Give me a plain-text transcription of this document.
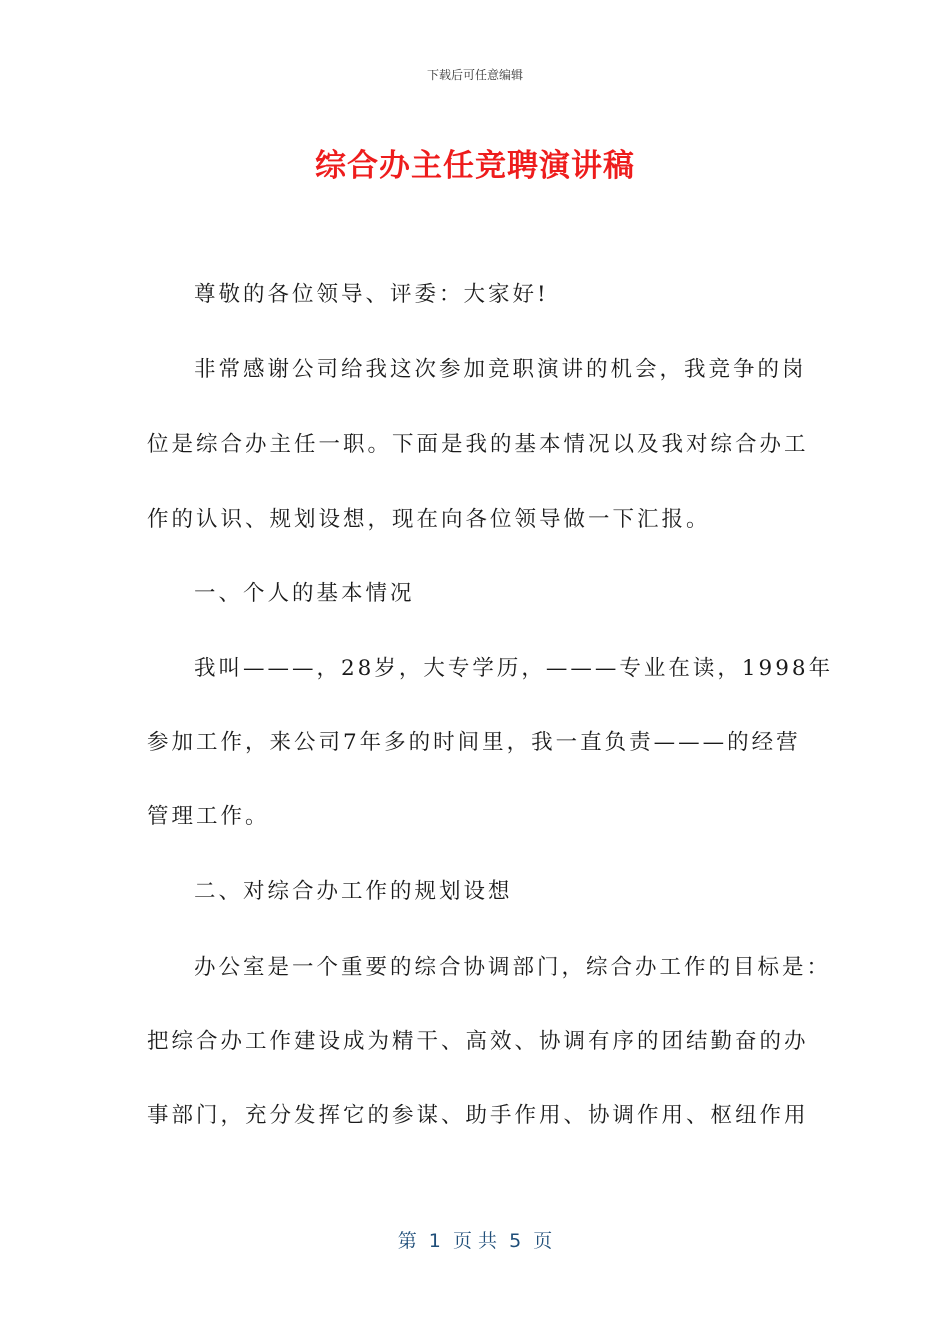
下载后可任意编辑
综合办主任竞聘演讲稿
尊敬的各位领导、评委：大家好!
非常感谢公司给我这次参加竞职演讲的机会，我竞争的岗
位是综合办主任一职。下面是我的基本情况以及我对综合办工
作的认识、规划设想，现在向各位领导做一下汇报。
一、个人的基本情况
我叫———，28岁，大专学历，———专业在读，1998年
参加工作，来公司7年多的时间里，我一直负责———的经营
管理工作。
二、对综合办工作的规划设想
办公室是一个重要的综合协调部门，综合办工作的目标是：
把综合办工作建设成为精干、高效、协调有序的团结勤奋的办
事部门，充分发挥它的参谋、助手作用、协调作用、枢纽作用
第  1  页 共  5  页
